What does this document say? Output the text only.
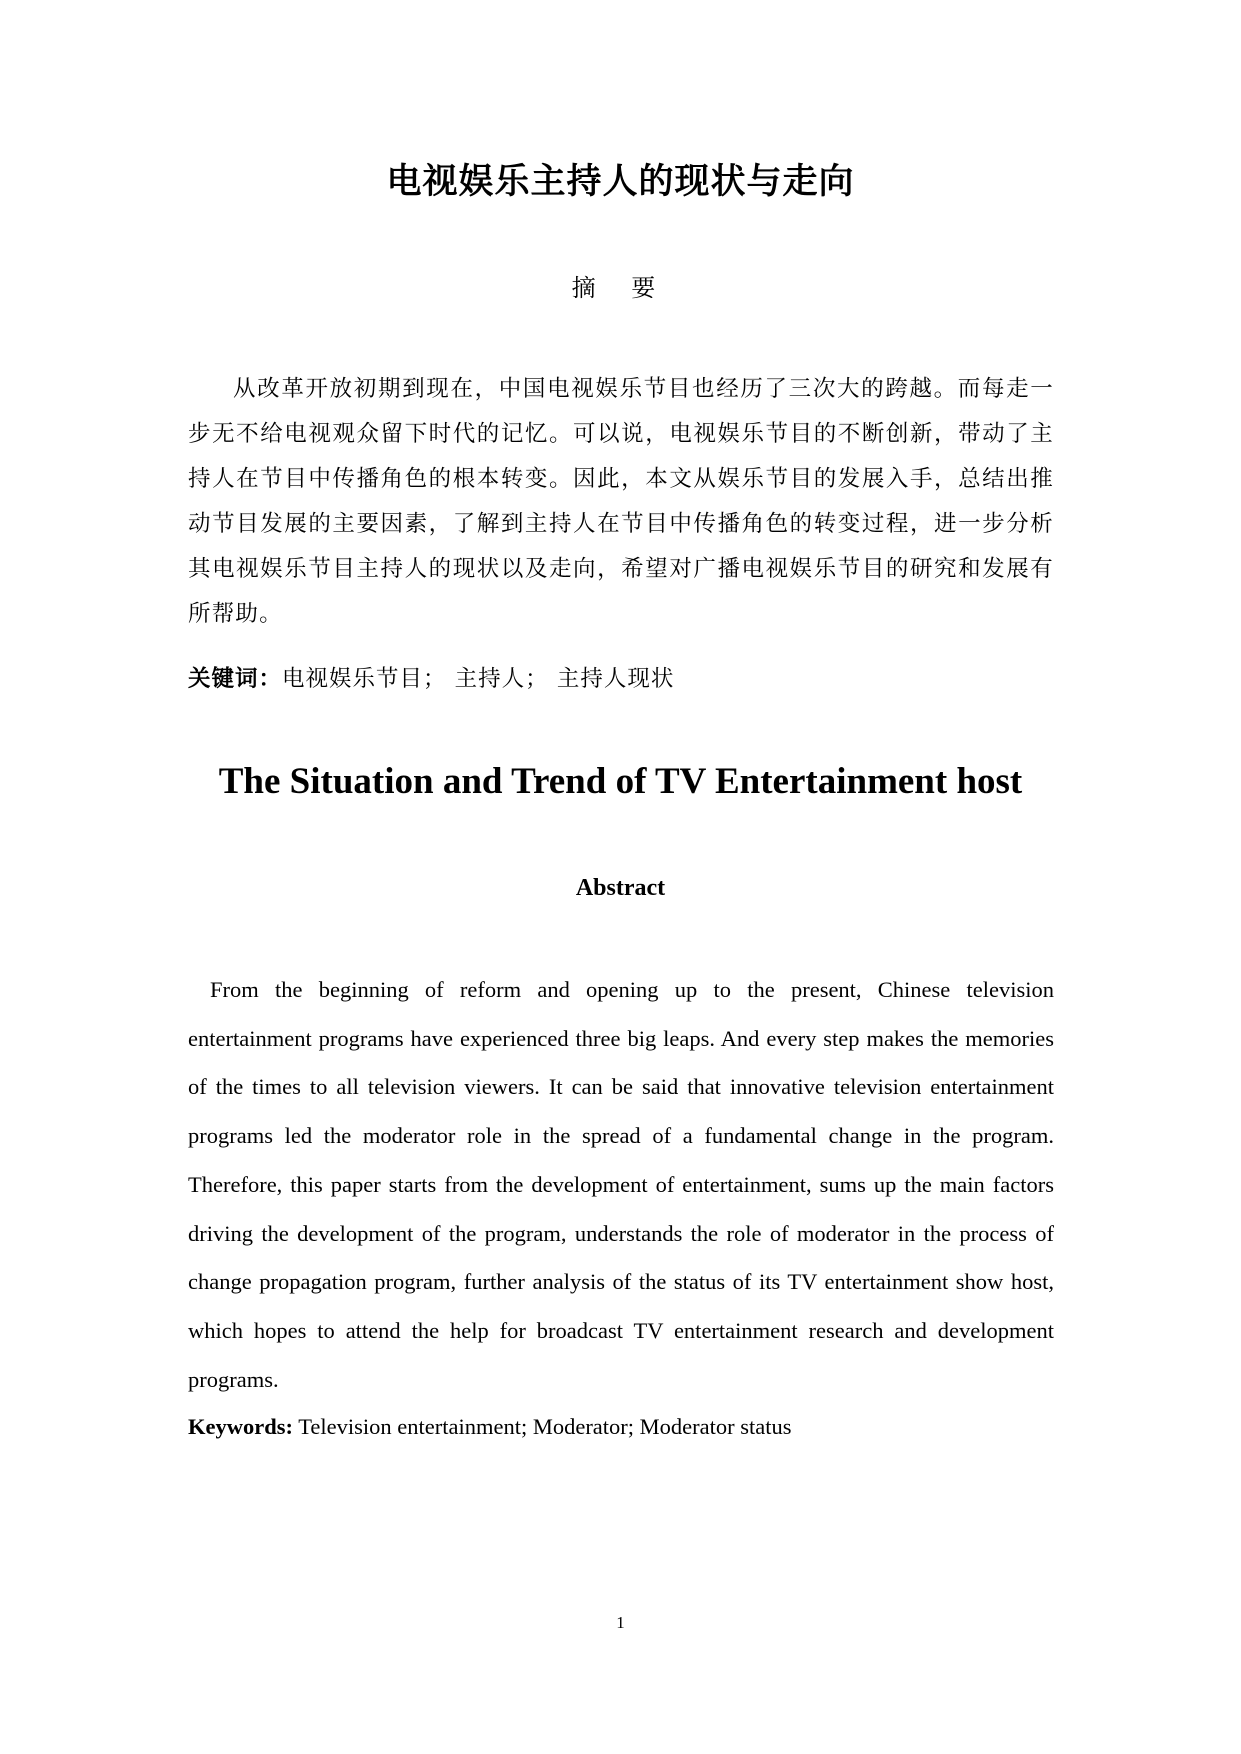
电视娱乐主持人的现状与走向
摘 要
从改革开放初期到现在，中国电视娱乐节目也经历了三次大的跨越。而每走一步无不给电视观众留下时代的记忆。可以说，电视娱乐节目的不断创新，带动了主持人在节目中传播角色的根本转变。因此，本文从娱乐节目的发展入手，总结出推动节目发展的主要因素，了解到主持人在节目中传播角色的转变过程，进一步分析其电视娱乐节目主持人的现状以及走向，希望对广播电视娱乐节目的研究和发展有所帮助。
关键词：电视娱乐节目； 主持人； 主持人现状
The Situation and Trend of TV Entertainment host
Abstract
From the beginning of reform and opening up to the present, Chinese television entertainment programs have experienced three big leaps. And every step makes the memories of the times to all television viewers. It can be said that innovative television entertainment programs led the moderator role in the spread of a fundamental change in the program. Therefore, this paper starts from the development of entertainment, sums up the main factors driving the development of the program, understands the role of moderator in the process of change propagation program, further analysis of the status of its TV entertainment show host, which hopes to attend the help for broadcast TV entertainment research and development programs.
Keywords: Television entertainment; Moderator; Moderator status
1
